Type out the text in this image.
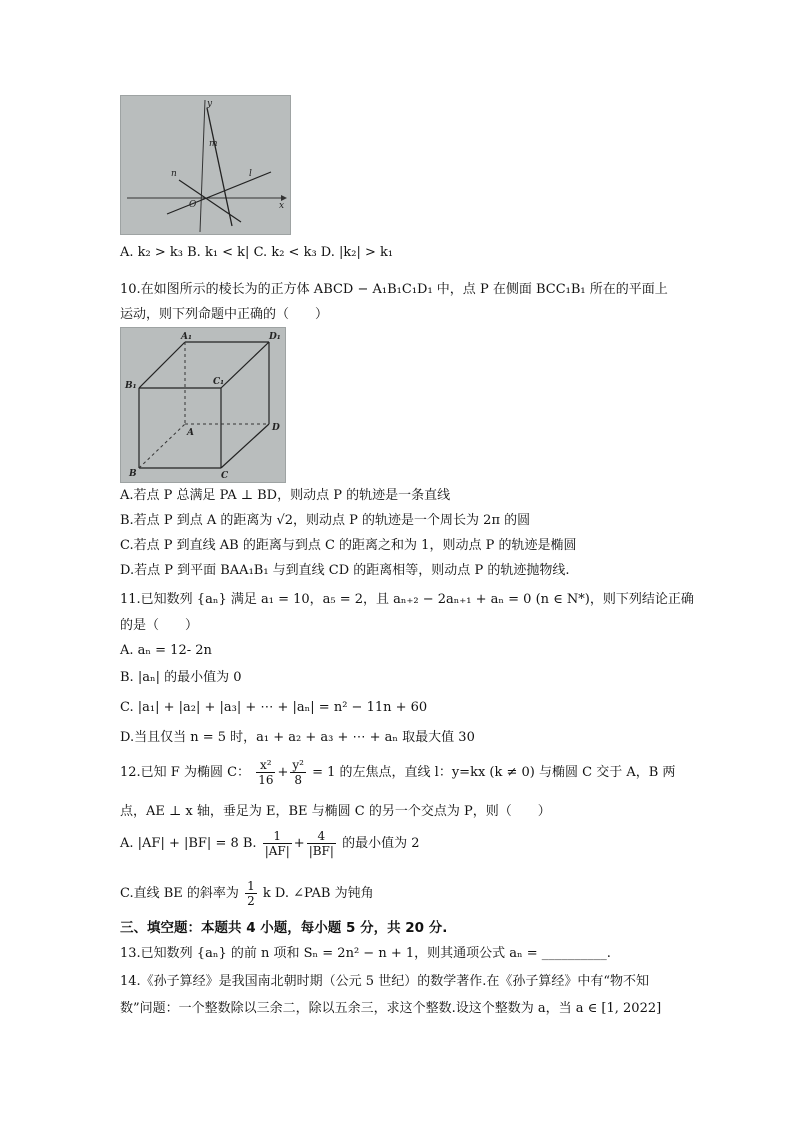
y
m
n	l
O	x
A. k₂ > k₃ B. k₁ < k| C. k₂ < k₃ D. |k₂| > k₁
10.在如图所示的棱长为的正方体 ABCD − A₁B₁C₁D₁ 中，点 P 在侧面 BCC₁B₁ 所在的平面上
运动，则下列命题中正确的（　　）
A₁	D₁
B₁	C₁
A	D
B	C
A.若点 P 总满足 PA ⊥ BD，则动点 P 的轨迹是一条直线
B.若点 P 到点 A 的距离为 √2，则动点 P 的轨迹是一个周长为 2π 的圆
C.若点 P 到直线 AB 的距离与到点 C 的距离之和为 1，则动点 P 的轨迹是椭圆
D.若点 P 到平面 BAA₁B₁ 与到直线 CD 的距离相等，则动点 P 的轨迹抛物线.
11.已知数列 {aₙ} 满足 a₁ = 10，a₅ = 2，且 aₙ₊₂ − 2aₙ₊₁ + aₙ = 0 (n ∈ N*)，则下列结论正确
的是（　　）
A. aₙ = 12- 2n
B. |aₙ| 的最小值为 0
C. |a₁| + |a₂| + |a₃| + ⋯ + |aₙ| = n² − 11n + 60
D.当且仅当 n = 5 时，a₁ + a₂ + a₃ + ⋯ + aₙ 取最大值 30
12.已知 F 为椭圆 C： $\frac{\text{x²}}{16} + \frac{\text{y²}}{8} = 1$ 的左焦点，直线 l：y=kx (k ≠ 0) 与椭圆 C 交于 A，B 两
点，AE ⊥ x 轴，垂足为 E，BE 与椭圆 C 的另一个交点为 P，则（　　）
A. |AF| + |BF| = 8 B. $\frac{1}{|AF|} + \frac{4}{|BF|}$ 的最小值为 2
C.直线 BE 的斜率为 $\frac{1}{2}$ k D. ∠PAB 为钝角
三、填空题：本题共 4 小题，每小题 5 分，共 20 分.
13.已知数列 {aₙ} 的前 n 项和 Sₙ = 2n² − n + 1，则其通项公式 aₙ = __________.
14.《孙子算经》是我国南北朝时期（公元 5 世纪）的数学著作.在《孙子算经》中有“物不知
数”问题：一个整数除以三余二，除以五余三，求这个整数.设这个整数为 a，当 a ∈ [1, 2022]
